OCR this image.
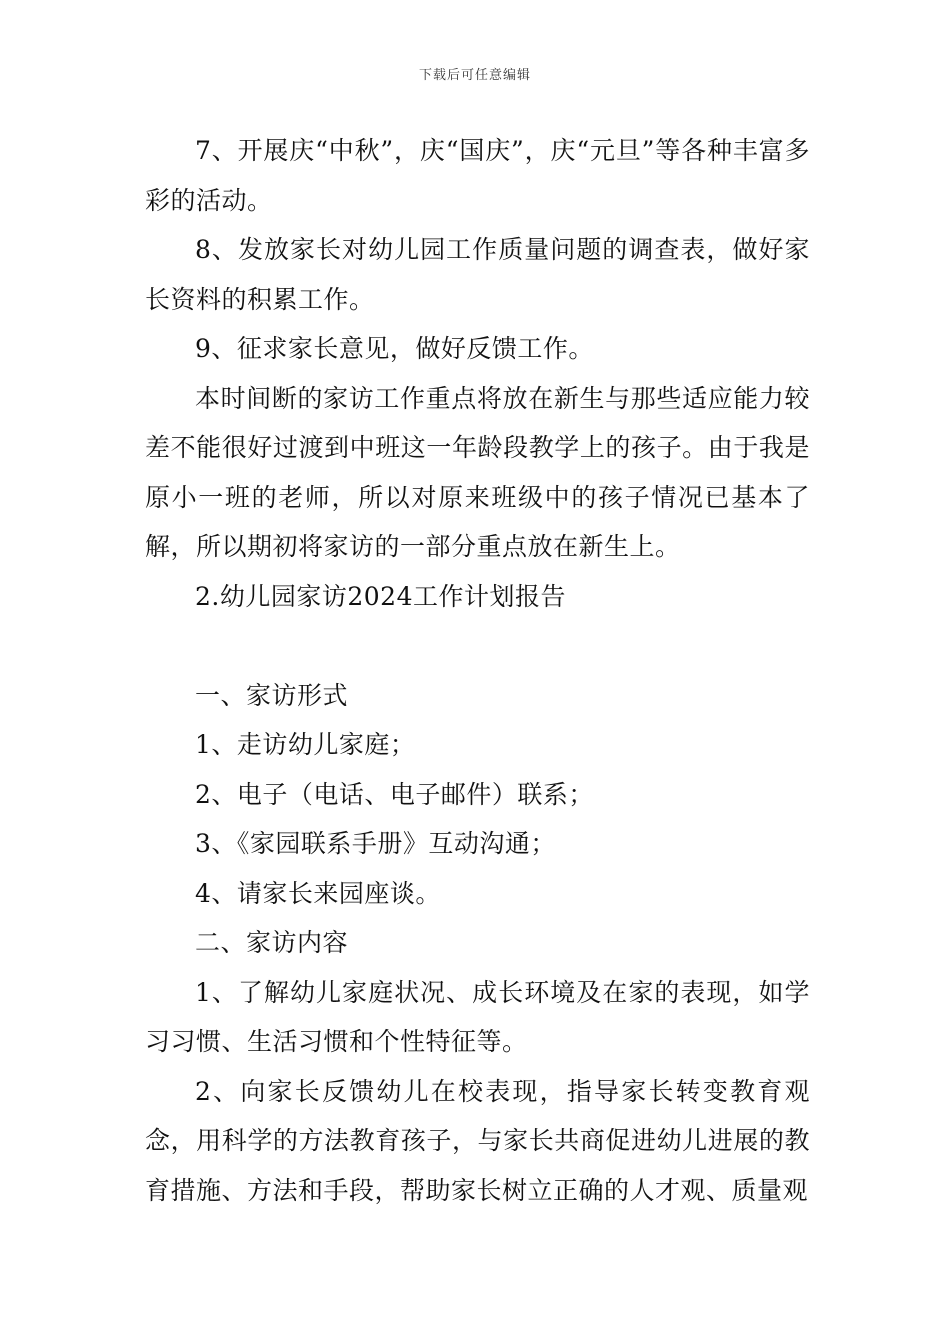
下载后可任意编辑

7、开展庆“中秋”，庆“国庆”，庆“元旦”等各种丰富多彩的活动。

8、发放家长对幼儿园工作质量问题的调查表，做好家长资料的积累工作。

9、征求家长意见，做好反馈工作。

本时间断的家访工作重点将放在新生与那些适应能力较差不能很好过渡到中班这一年龄段教学上的孩子。由于我是原小一班的老师，所以对原来班级中的孩子情况已基本了解，所以期初将家访的一部分重点放在新生上。

2.幼儿园家访2024工作计划报告

一、家访形式

1、走访幼儿家庭；

2、电子（电话、电子邮件）联系；

3、《家园联系手册》互动沟通；

4、请家长来园座谈。

二、家访内容

1、了解幼儿家庭状况、成长环境及在家的表现，如学习习惯、生活习惯和个性特征等。

2、向家长反馈幼儿在校表现，指导家长转变教育观念，用科学的方法教育孩子，与家长共商促进幼儿进展的教育措施、方法和手段，帮助家长树立正确的人才观、质量观
